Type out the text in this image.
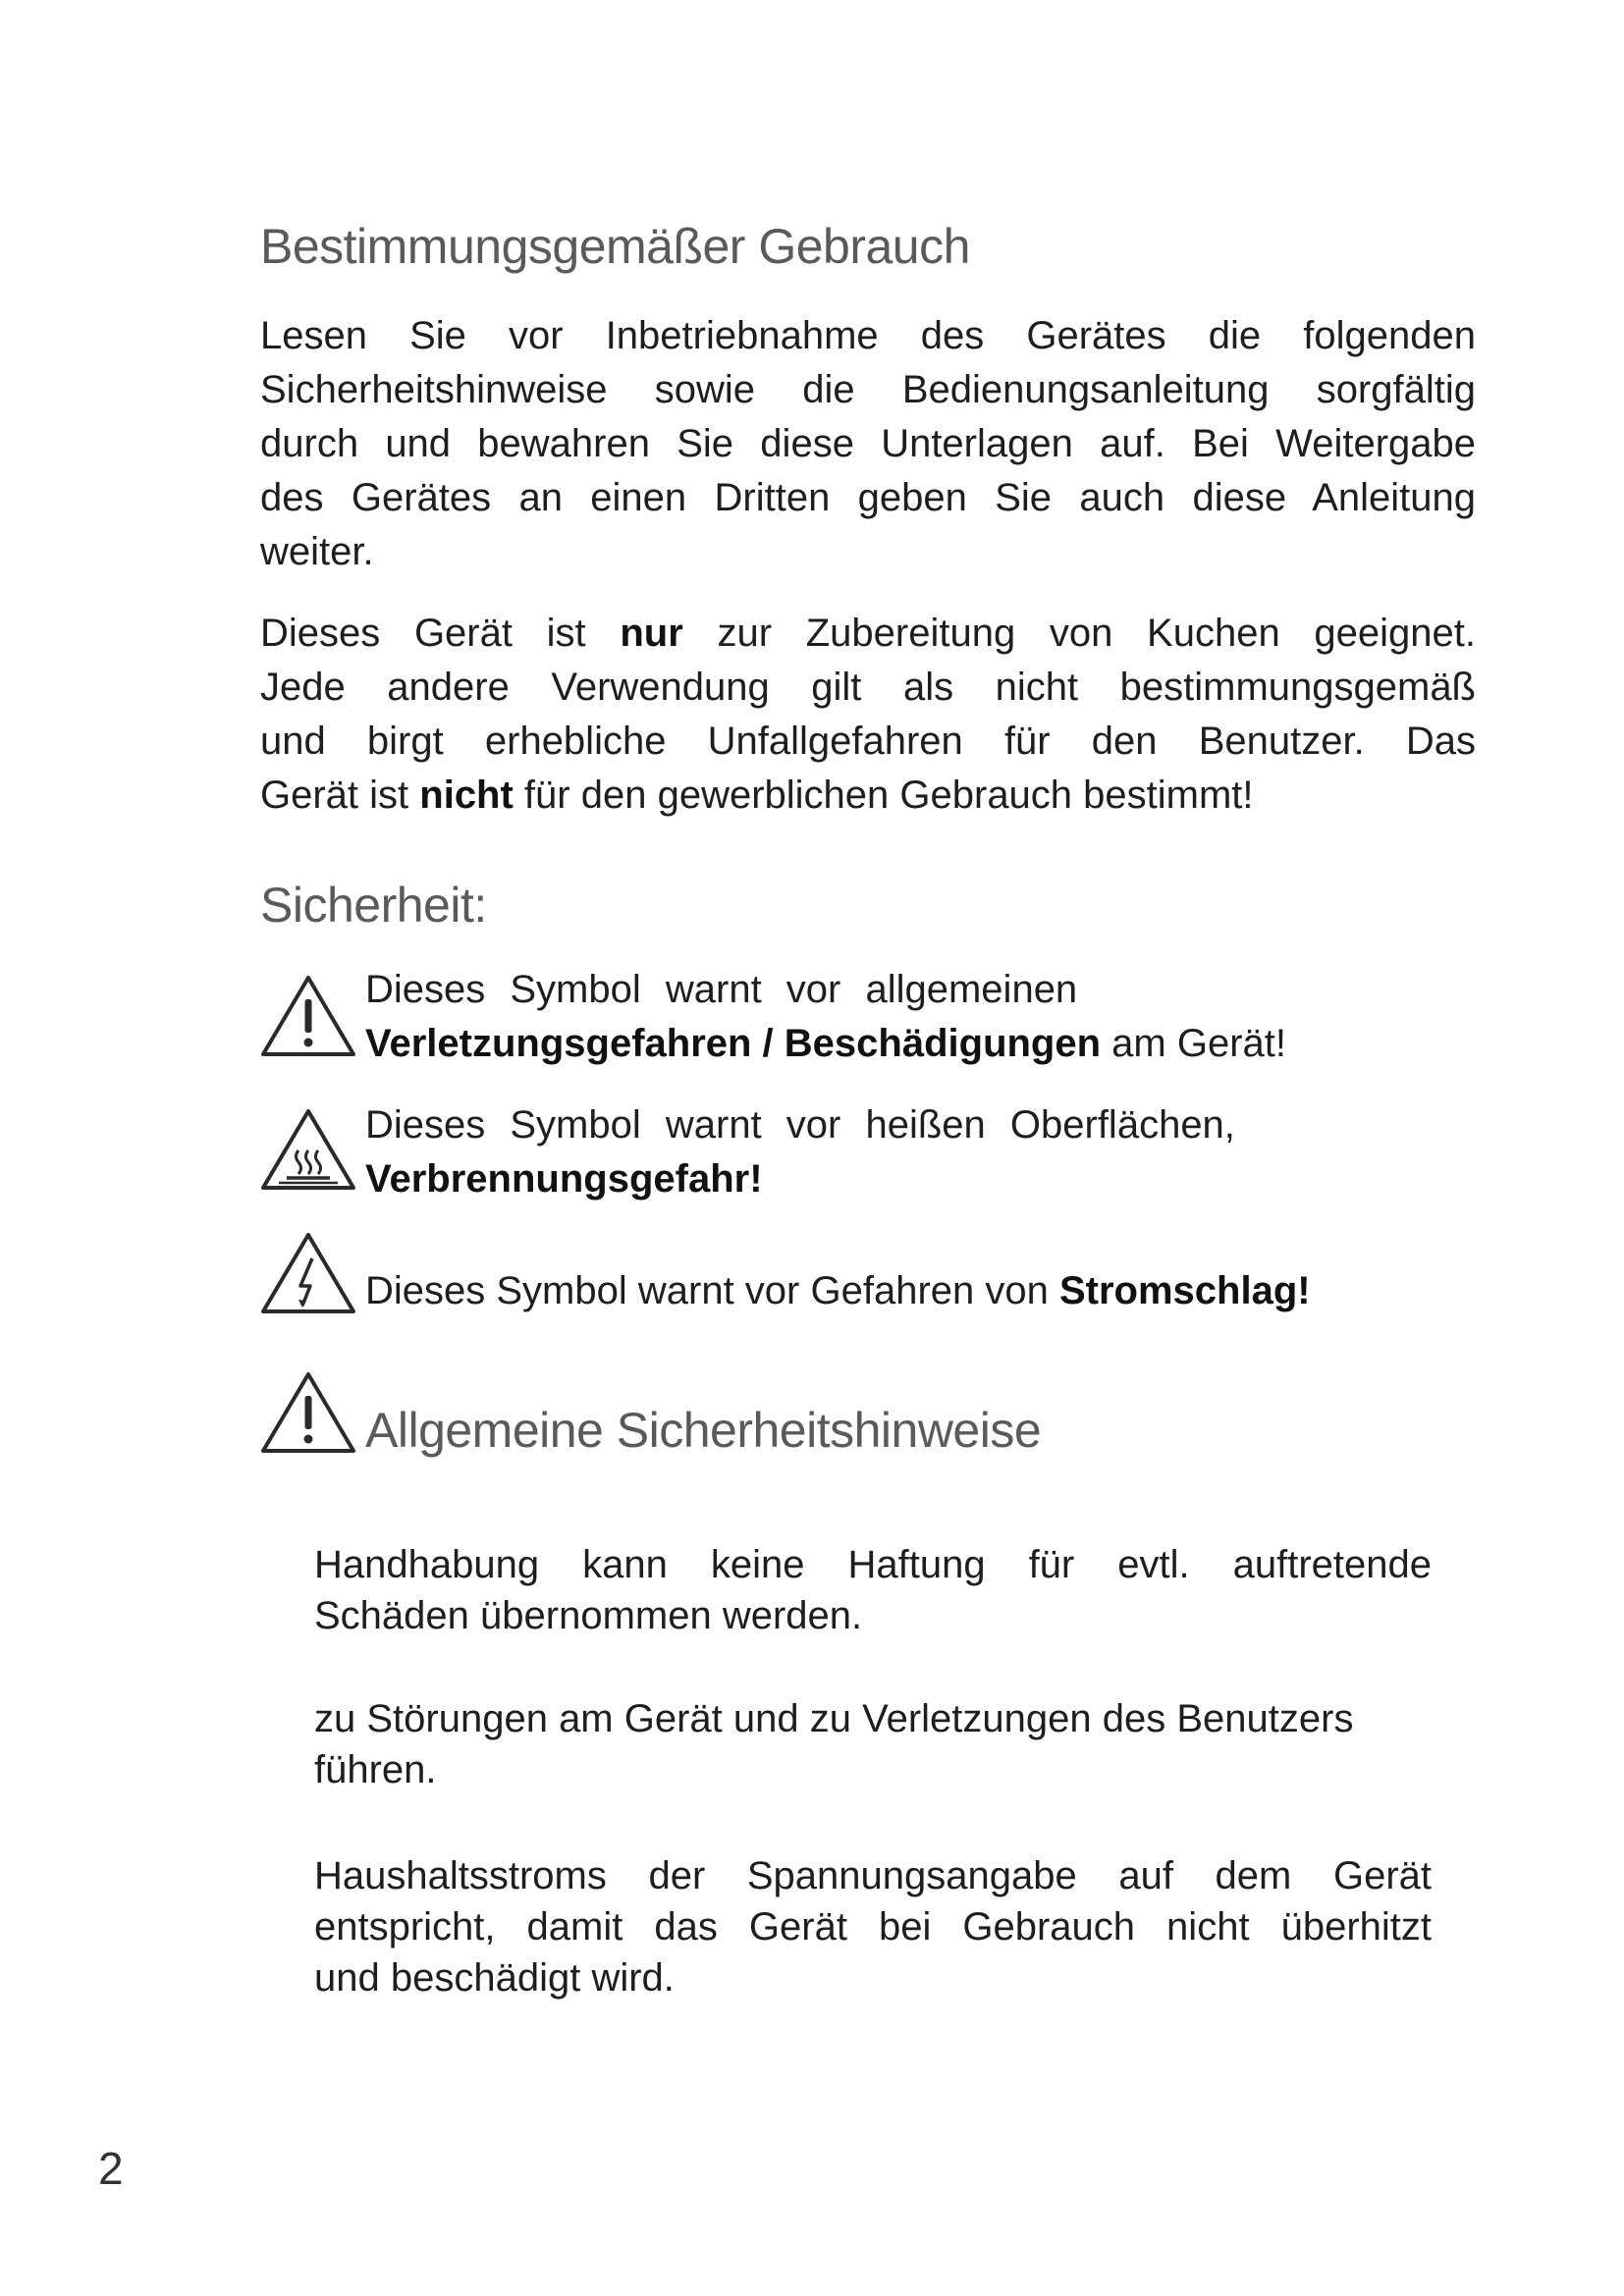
Bestimmungsgemäßer Gebrauch

Lesen Sie vor Inbetriebnahme des Gerätes die folgenden
Sicherheitshinweise sowie die Bedienungsanleitung sorgfältig
durch und bewahren Sie diese Unterlagen auf. Bei Weitergabe
des Gerätes an einen Dritten geben Sie auch diese Anleitung
weiter.

Dieses Gerät ist nur zur Zubereitung von Kuchen geeignet.
Jede andere Verwendung gilt als nicht bestimmungsgemäß
und birgt erhebliche Unfallgefahren für den Benutzer. Das
Gerät ist nicht für den gewerblichen Gebrauch bestimmt!

Sicherheit:

Dieses Symbol warnt vor allgemeinen
Verletzungsgefahren / Beschädigungen am Gerät!

Dieses Symbol warnt vor heißen Oberflächen,
Verbrennungsgefahr!

Dieses Symbol warnt vor Gefahren von Stromschlag!

Allgemeine Sicherheitshinweise

Handhabung kann keine Haftung für evtl. auftretende
Schäden übernommen werden.

zu Störungen am Gerät und zu Verletzungen des Benutzers
führen.

Haushaltsstroms der Spannungsangabe auf dem Gerät
entspricht, damit das Gerät bei Gebrauch nicht überhitzt
und beschädigt wird.

2
